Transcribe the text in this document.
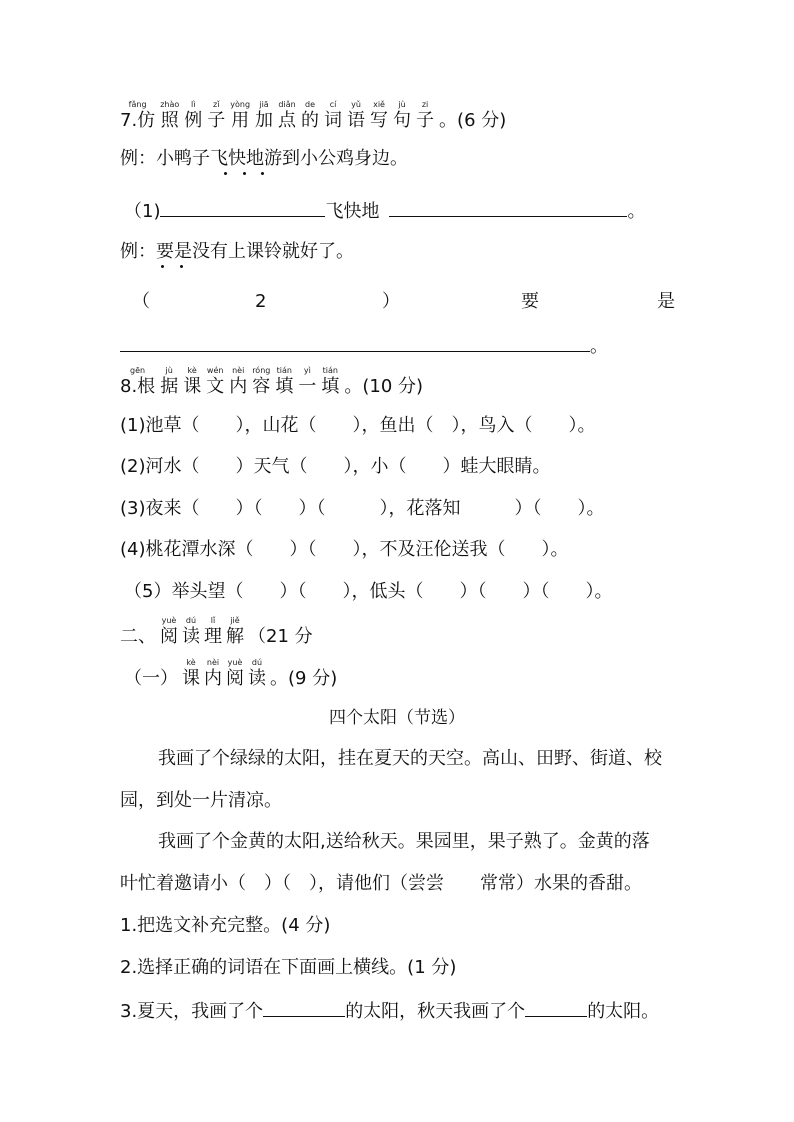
fǎng
7.仿
zhào
照
lì
例
zǐ
子
yòng
用
jiā
加
diǎn
点
de
的
cí
词
yǔ
语
xiě
写
jù
句
zi
子 。(6 分)
例：小鸭子飞快地游到小公鸡身边。
（1)	飞快地	。
例：要是没有上课铃就好了。
（	2	）	要	是
。
gēn
8.根
jù
据
kè
课
wén
文
nèi
内
róng
容
tián
填
yì
一
tián
填 。(10 分)
(1)池草（　　），山花（　　），鱼出（　），鸟入（　　）。
(2)河水（　　）天气（　　），小（　　）蛙大眼睛。
(3)夜来（　　）（　　）（　　　），花落知　　　）（　　）。
(4)桃花潭水深（　　）（　　），不及汪伦送我（　　）。
（5）举头望（　　）（　　），低头（　　）（　　）（　　）。
二、
yuè
阅
dú
读
lǐ
理
jiě
解 （21 分
（一）
kè
课
nèi
内
yuè
阅
dú
读 。(9 分)
四个太阳（节选）
我画了个绿绿的太阳，挂在夏天的天空。高山、田野、街道、校
园，到处一片清凉。
我画了个金黄的太阳,送给秋天。果园里，果子熟了。金黄的落
叶忙着邀请小（　）（　），请他们（尝尝　　常常）水果的香甜。
1.把选文补充完整。(4 分)
2.选择正确的词语在下面画上横线。(1 分)
3.夏天，我画了个	的太阳，秋天我画了个	的太阳。
